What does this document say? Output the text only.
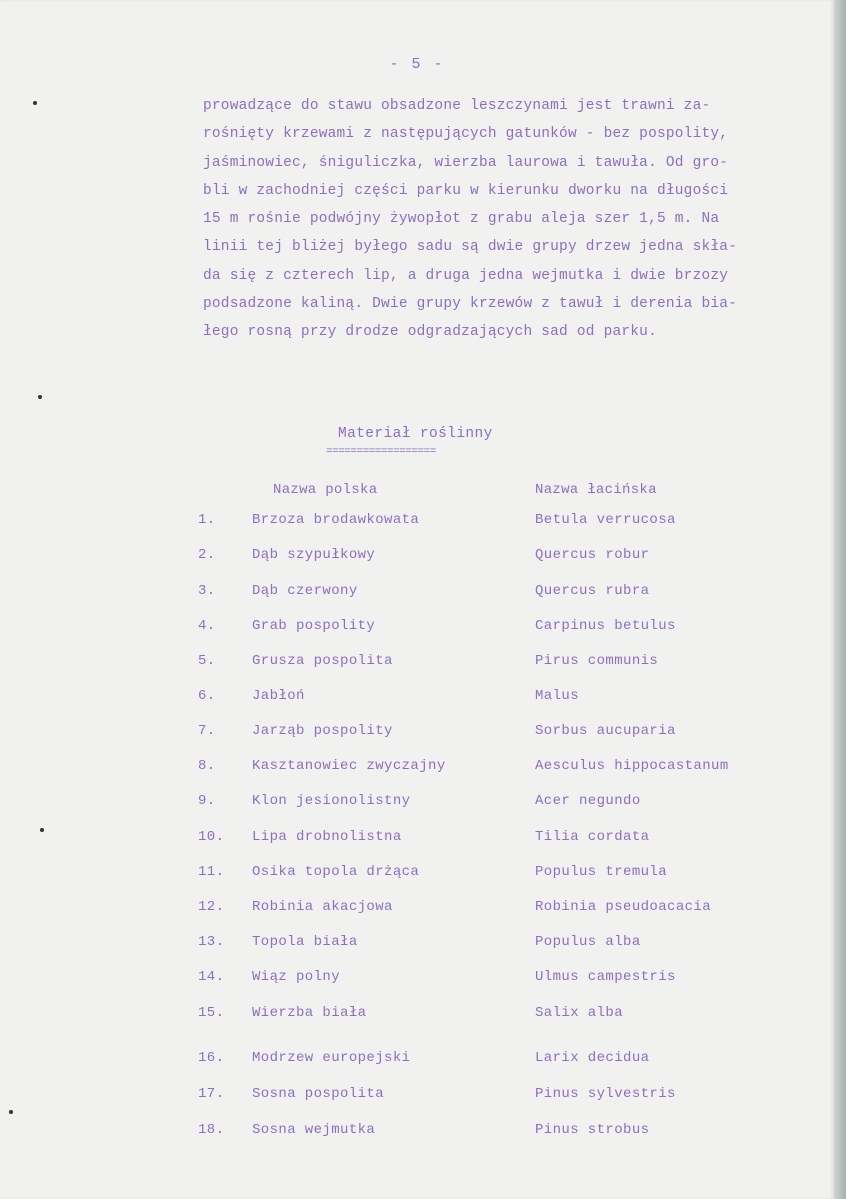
- 5 -
prowadzące do stawu obsadzone leszczynami jest trawni za-
rośnięty krzewami z następujących gatunków - bez pospolity,
jaśminowiec, śniguliczka, wierzba laurowa i tawuła. Od gro-
bli w zachodniej części parku w kierunku dworku na długości
15 m rośnie podwójny żywopłot z grabu aleja szer 1,5 m. Na
linii tej bliżej byłego sadu są dwie grupy drzew jedna skła-
da się z czterech lip, a druga jedna wejmutka i dwie brzozy
podsadzone kaliną. Dwie grupy krzewów z tawuł i derenia bia-
łego rosną przy drodze odgradzających sad od parku.
Materiał roślinny
==================
Nazwa polska	Nazwa łacińska
1.	Brzoza brodawkowata	Betula verrucosa
2.	Dąb szypułkowy	Quercus robur
3.	Dąb czerwony	Quercus rubra
4.	Grab pospolity	Carpinus betulus
5.	Grusza pospolita	Pirus communis
6.	Jabłoń	Malus
7.	Jarząb pospolity	Sorbus aucuparia
8.	Kasztanowiec zwyczajny	Aesculus hippocastanum
9.	Klon jesionolistny	Acer negundo
10.	Lipa drobnolistna	Tilia cordata
11.	Osika topola drżąca	Populus tremula
12.	Robinia akacjowa	Robinia pseudoacacia
13.	Topola biała	Populus alba
14.	Wiąz polny	Ulmus campestris
15.	Wierzba biała	Salix alba
16.	Modrzew europejski	Larix decidua
17.	Sosna pospolita	Pinus sylvestris
18.	Sosna wejmutka	Pinus strobus
